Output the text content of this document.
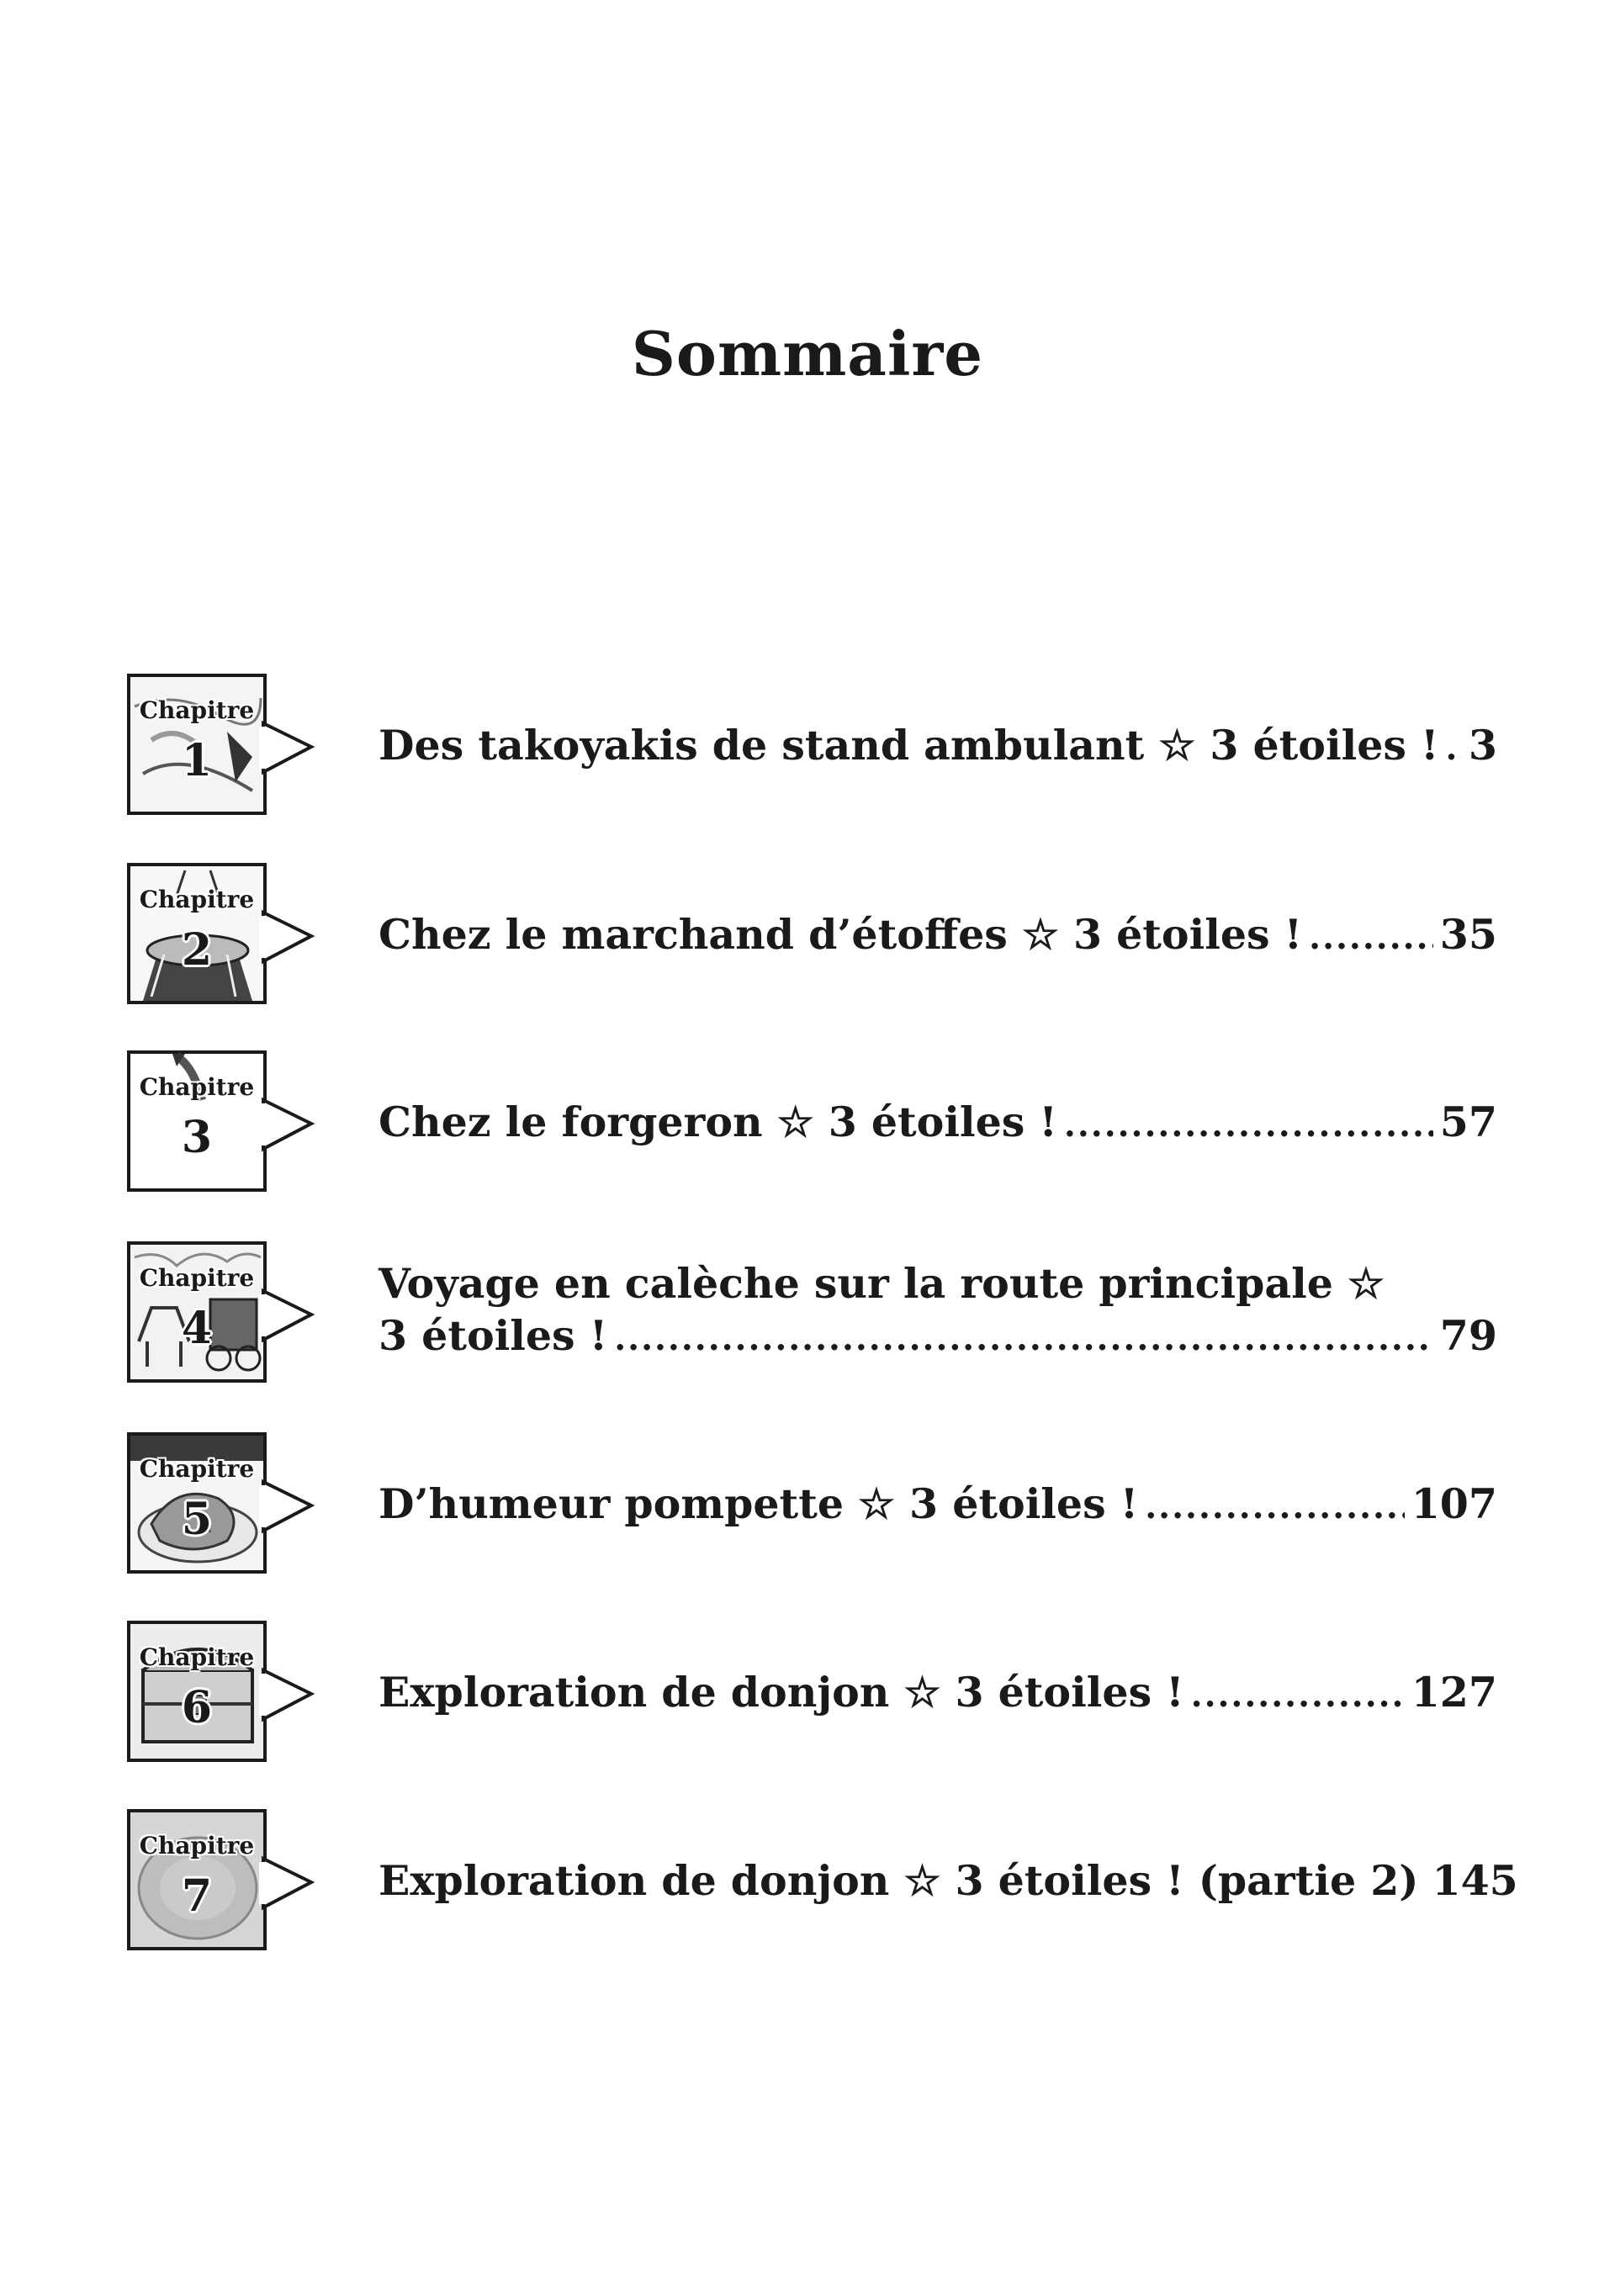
Sommaire
Chapitre
1	Des takoyakis de stand ambulant ☆ 3 étoiles ! ..... 3
Chapitre
2	Chez le marchand d’étoffes ☆ 3 étoiles ! .....	35
Chapitre
3	Chez le forgeron ☆ 3 étoiles ! .....	57
Chapitre
4
Voyage en calèche sur la route principale ☆
3 étoiles ! .....	79
Chapitre
5	D’humeur pompette ☆ 3 étoiles ! .....	107
Chapitre
6	Exploration de donjon ☆ 3 étoiles ! .....	127
Chapitre
7	Exploration de donjon ☆ 3 étoiles ! (partie 2) 145
